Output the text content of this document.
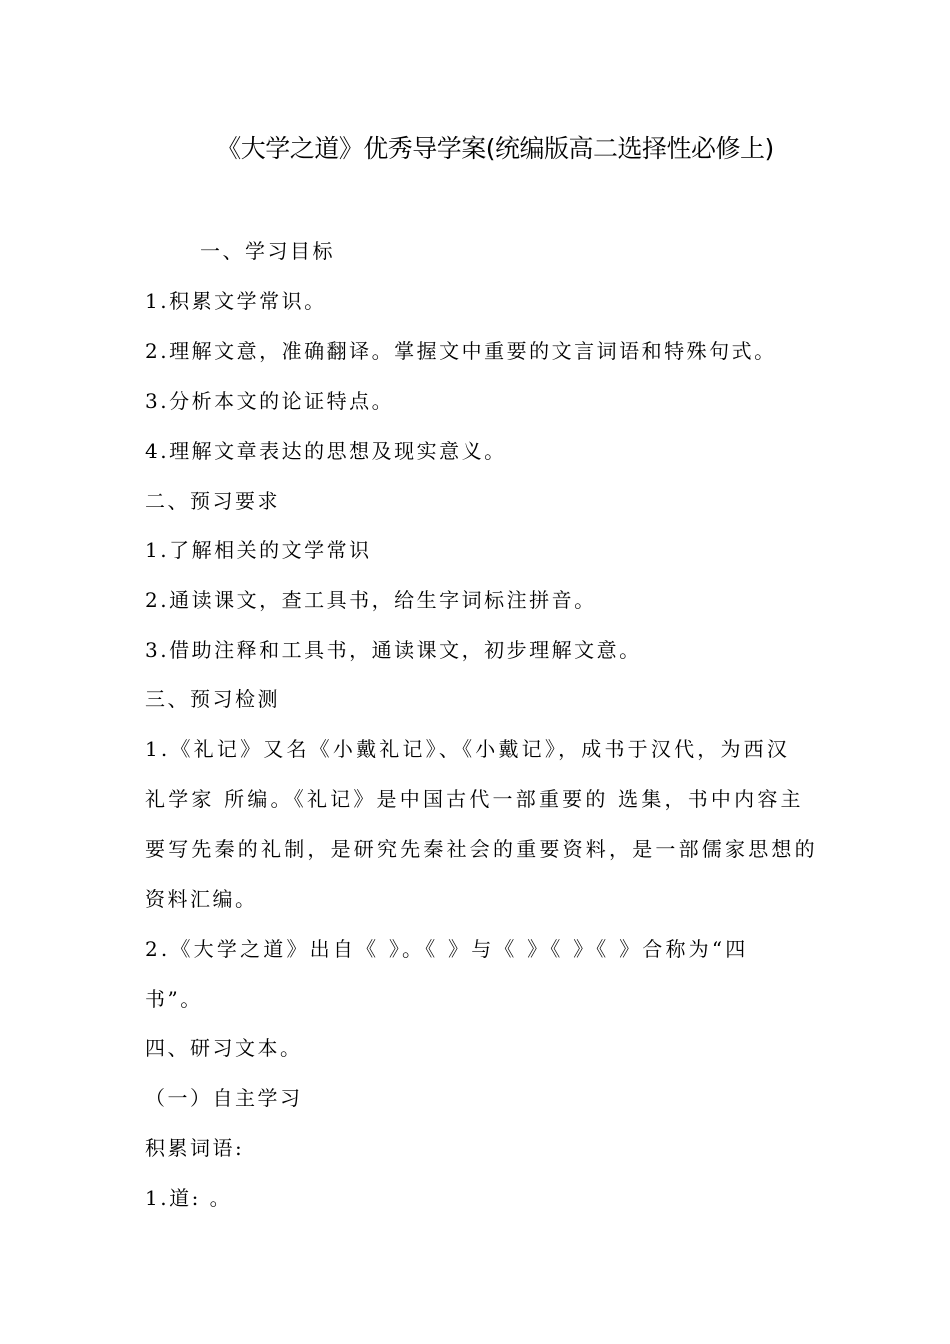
《大学之道》优秀导学案(统编版高二选择性必修上)
一、学习目标
1.积累文学常识。
2.理解文意，准确翻译。掌握文中重要的文言词语和特殊句式。
3.分析本文的论证特点。
4.理解文章表达的思想及现实意义。
二、预习要求
1.了解相关的文学常识
2.通读课文，查工具书，给生字词标注拼音。
3.借助注释和工具书，通读课文，初步理解文意。
三、预习检测
1.《礼记》又名《小戴礼记》、《小戴记》，成书于汉代，为西汉
礼学家 所编。《礼记》是中国古代一部重要的 选集，书中内容主
要写先秦的礼制，是研究先秦社会的重要资料，是一部儒家思想的
资料汇编。
2.《大学之道》出自《 》。《 》与《 》《 》《 》合称为“四
书”。
四、研习文本。
（一）自主学习
积累词语:
1.道: 。
